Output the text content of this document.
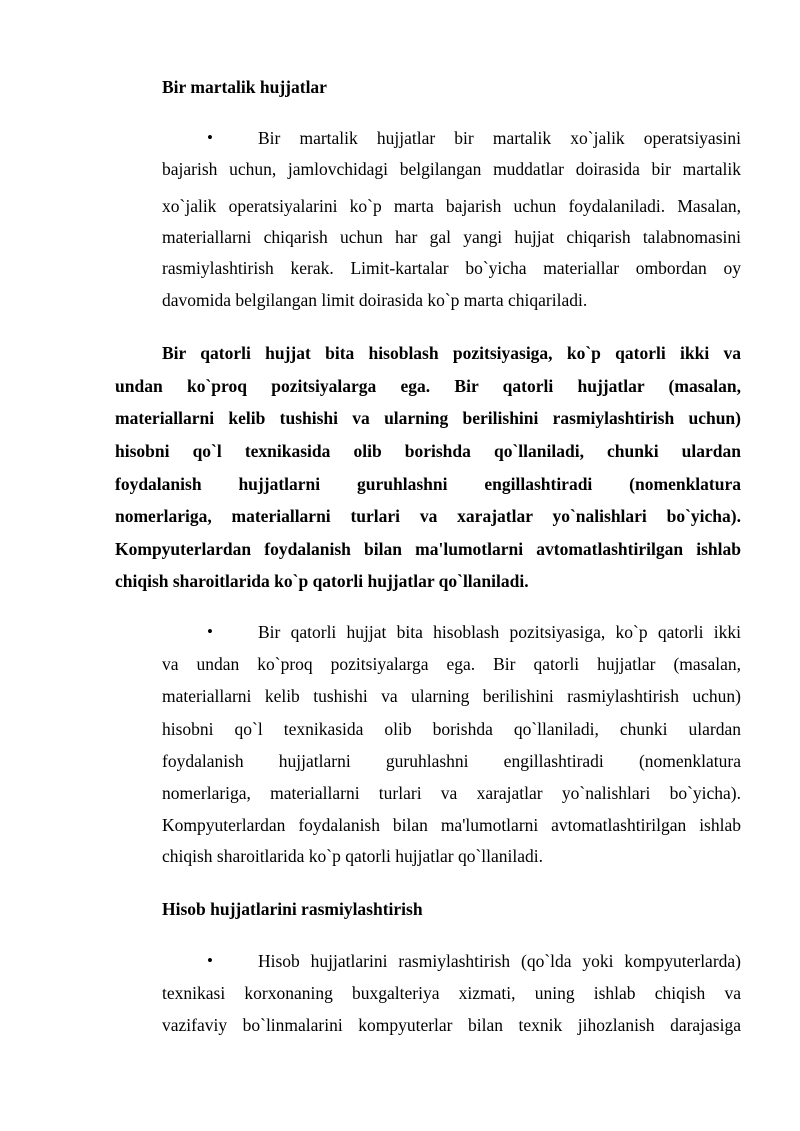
Bir martalik hujjatlar
•	Bir martalik hujjatlar bir martalik xo`jalik operatsiyasini
bajarish uchun, jamlovchidagi belgilangan muddatlar doirasida bir martalik
xo`jalik operatsiyalarini ko`p marta bajarish uchun foydalaniladi. Masalan,
materiallarni chiqarish uchun har gal yangi hujjat chiqarish talabnomasini
rasmiylashtirish kerak. Limit-kartalar bo`yicha materiallar ombordan oy
davomida belgilangan limit doirasida ko`p marta chiqariladi.
Bir qatorli hujjat bita hisoblash pozitsiyasiga, ko`p qatorli ikki va
undan ko`proq pozitsiyalarga ega. Bir qatorli hujjatlar (masalan,
materiallarni kelib tushishi va ularning berilishini rasmiylashtirish uchun)
hisobni qo`l texnikasida olib borishda qo`llaniladi, chunki ulardan
foydalanish hujjatlarni guruhlashni engillashtiradi (nomenklatura
nomerlariga, materiallarni turlari va xarajatlar yo`nalishlari bo`yicha).
Kompyuterlardan foydalanish bilan ma'lumotlarni avtomatlashtirilgan ishlab
chiqish sharoitlarida ko`p qatorli hujjatlar qo`llaniladi.
•	Bir qatorli hujjat bita hisoblash pozitsiyasiga, ko`p qatorli ikki
va undan ko`proq pozitsiyalarga ega. Bir qatorli hujjatlar (masalan,
materiallarni kelib tushishi va ularning berilishini rasmiylashtirish uchun)
hisobni qo`l texnikasida olib borishda qo`llaniladi, chunki ulardan
foydalanish hujjatlarni guruhlashni engillashtiradi (nomenklatura
nomerlariga, materiallarni turlari va xarajatlar yo`nalishlari bo`yicha).
Kompyuterlardan foydalanish bilan ma'lumotlarni avtomatlashtirilgan ishlab
chiqish sharoitlarida ko`p qatorli hujjatlar qo`llaniladi.
Hisob hujjatlarini rasmiylashtirish
•	Hisob hujjatlarini rasmiylashtirish (qo`lda yoki kompyuterlarda)
texnikasi korxonaning buxgalteriya xizmati, uning ishlab chiqish va
vazifaviy bo`linmalarini kompyuterlar bilan texnik jihozlanish darajasiga
